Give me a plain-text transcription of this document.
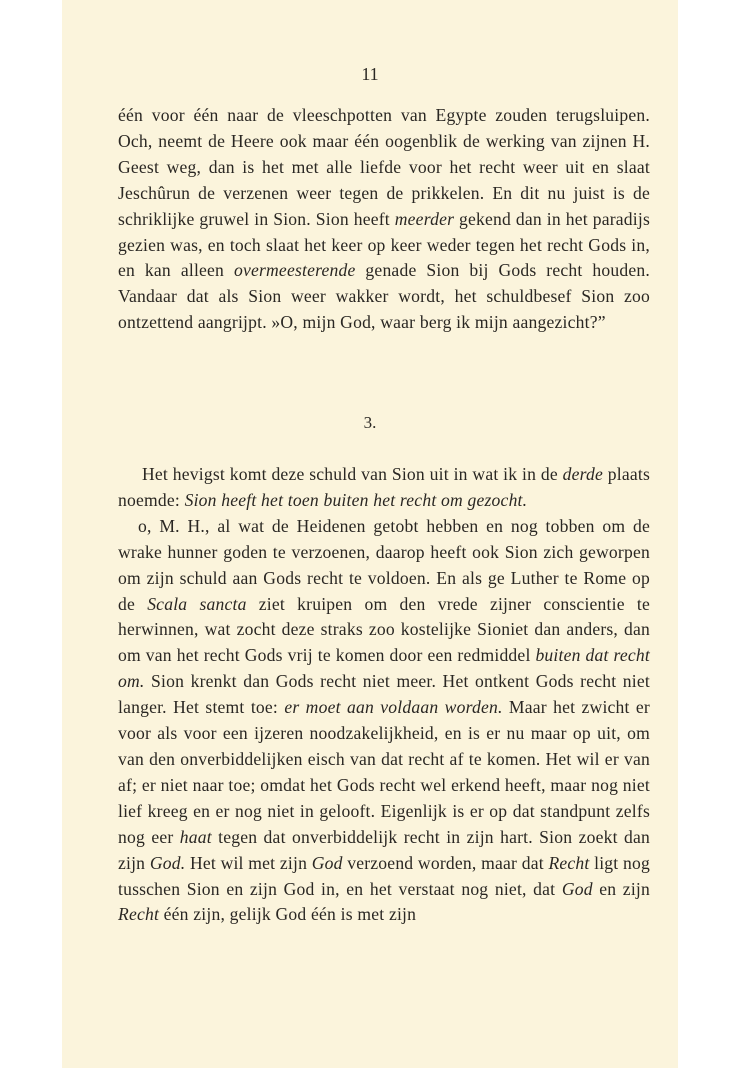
11

één voor één naar de vleeschpotten van Egypte zouden terugsluipen. Och, neemt de Heere ook maar één oogenblik de werking van zijnen H. Geest weg, dan is het met alle liefde voor het recht weer uit en slaat Jeschûrun de verzenen weer tegen de prikkelen. En dit nu juist is de schriklijke gruwel in Sion. Sion heeft meerder gekend dan in het paradijs gezien was, en toch slaat het keer op keer weder tegen het recht Gods in, en kan alleen overmeesterende genade Sion bij Gods recht houden. Vandaar dat als Sion weer wakker wordt, het schuldbesef Sion zoo ontzettend aangrijpt. »O, mijn God, waar berg ik mijn aangezicht?”

3.

Het hevigst komt deze schuld van Sion uit in wat ik in de derde plaats noemde: Sion heeft het toen buiten het recht om gezocht.

o, M. H., al wat de Heidenen getobt hebben en nog tobben om de wrake hunner goden te verzoenen, daarop heeft ook Sion zich geworpen om zijn schuld aan Gods recht te voldoen. En als ge Luther te Rome op de Scala sancta ziet kruipen om den vrede zijner conscientie te herwinnen, wat zocht deze straks zoo kostelijke Sioniet dan anders, dan om van het recht Gods vrij te komen door een redmiddel buiten dat recht om. Sion krenkt dan Gods recht niet meer. Het ontkent Gods recht niet langer. Het stemt toe: er moet aan voldaan worden. Maar het zwicht er voor als voor een ijzeren noodzakelijkheid, en is er nu maar op uit, om van den onverbiddelijken eisch van dat recht af te komen. Het wil er van af; er niet naar toe; omdat het Gods recht wel erkend heeft, maar nog niet lief kreeg en er nog niet in gelooft. Eigenlijk is er op dat standpunt zelfs nog eer haat tegen dat onverbiddelijk recht in zijn hart. Sion zoekt dan zijn God. Het wil met zijn God verzoend worden, maar dat Recht ligt nog tusschen Sion en zijn God in, en het verstaat nog niet, dat God en zijn Recht één zijn, gelijk God één is met zijn
